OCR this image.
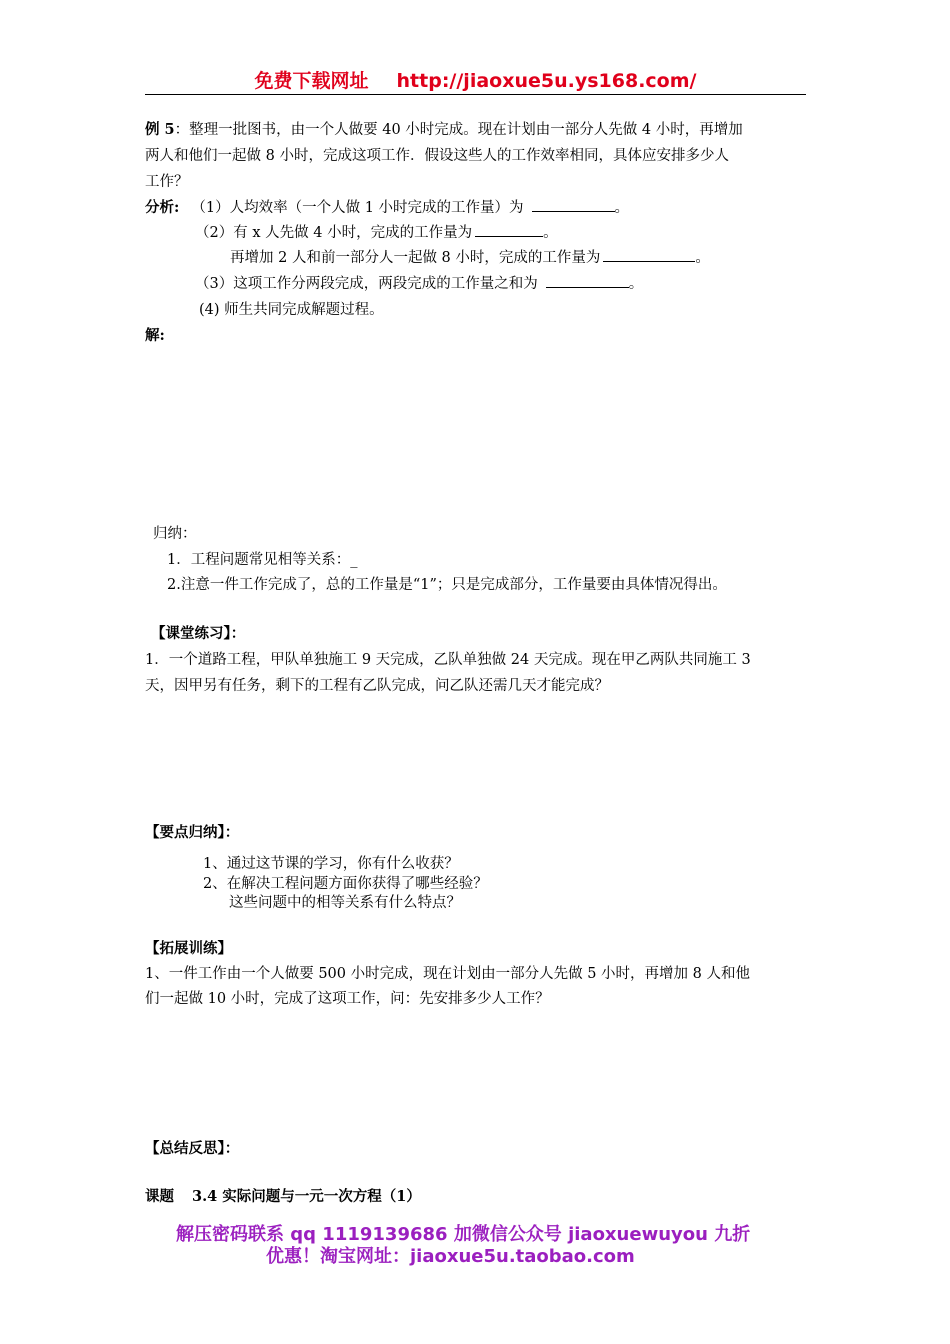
免费下载网址 http://jiaoxue5u.ys168.com/
例 5：整理一批图书，由一个人做要 40 小时完成。现在计划由一部分人先做 4 小时，再增加
两人和他们一起做 8 小时，完成这项工作．假设这些人的工作效率相同，具体应安排多少人
工作？
分析: （1）人均效率（一个人做 1 小时完成的工作量）为	。
（2）有 x 人先做 4 小时，完成的工作量为	。
再增加 2 人和前一部分人一起做 8 小时，完成的工作量为	。
（3）这项工作分两段完成，两段完成的工作量之和为	。
(4) 师生共同完成解题过程。
解:
归纳：
1．工程问题常见相等关系：_
2.注意一件工作完成了，总的工作量是“1”；只是完成部分，工作量要由具体情况得出。
【课堂练习】：
1．一个道路工程，甲队单独施工 9 天完成，乙队单独做 24 天完成。现在甲乙两队共同施工 3
天，因甲另有任务，剩下的工程有乙队完成，问乙队还需几天才能完成？
【要点归纳】：
1、通过这节课的学习，你有什么收获？
2、在解决工程问题方面你获得了哪些经验？
这些问题中的相等关系有什么特点？
【拓展训练】
1、一件工作由一个人做要 500 小时完成，现在计划由一部分人先做 5 小时，再增加 8 人和他
们一起做 10 小时，完成了这项工作，问：先安排多少人工作？
【总结反思】：
课题 3.4 实际问题与一元一次方程（1）
解压密码联系 qq 1119139686 加微信公众号 jiaoxuewuyou 九折
优惠！淘宝网址：jiaoxue5u.taobao.com
